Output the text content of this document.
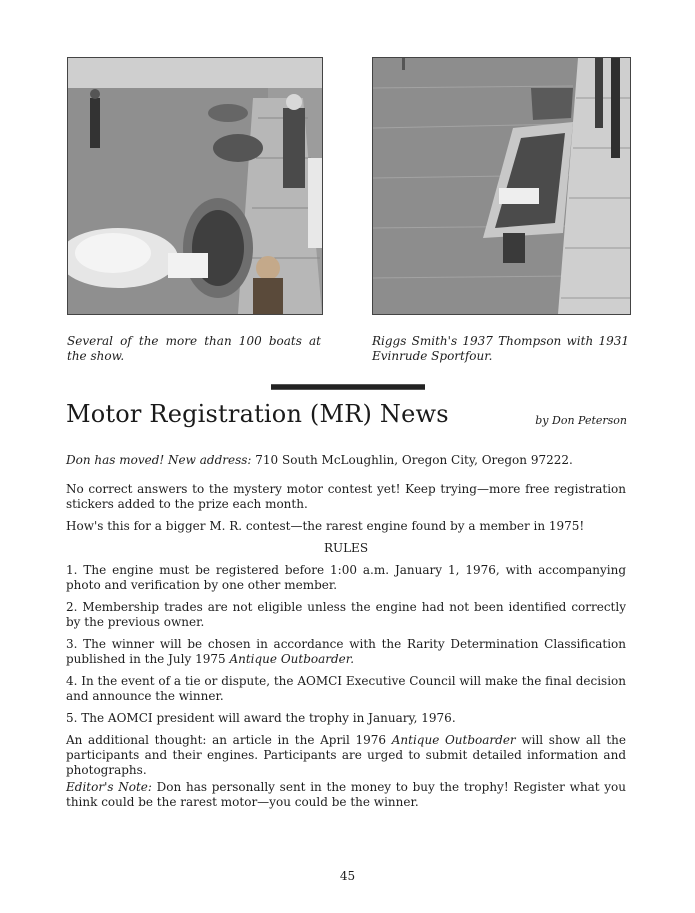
Several of the more than 100 boats at the show.
Riggs Smith's 1937 Thompson with 1931 Evinrude Sportfour.
Motor Registration (MR) News	by Don Peterson

Don has moved! New address: 710 South McLoughlin, Oregon City, Oregon 97222.

No correct answers to the mystery motor contest yet! Keep trying—more free registration stickers added to the prize each month.

How's this for a bigger M. R. contest—the rarest engine found by a member in 1975!

RULES

1. The engine must be registered before 1:00 a.m. January 1, 1976, with accompanying photo and verification by one other member.

2. Membership trades are not eligible unless the engine had not been identified correctly by the previous owner.

3. The winner will be chosen in accordance with the Rarity Determination Classification published in the July 1975 Antique Outboarder.

4. In the event of a tie or dispute, the AOMCI Executive Council will make the final decision and announce the winner.

5. The AOMCI president will award the trophy in January, 1976.

An additional thought: an article in the April 1976 Antique Outboarder will show all the participants and their engines. Participants are urged to submit detailed information and photographs.

Editor's Note: Don has personally sent in the money to buy the trophy! Register what you think could be the rarest motor—you could be the winner.

45
